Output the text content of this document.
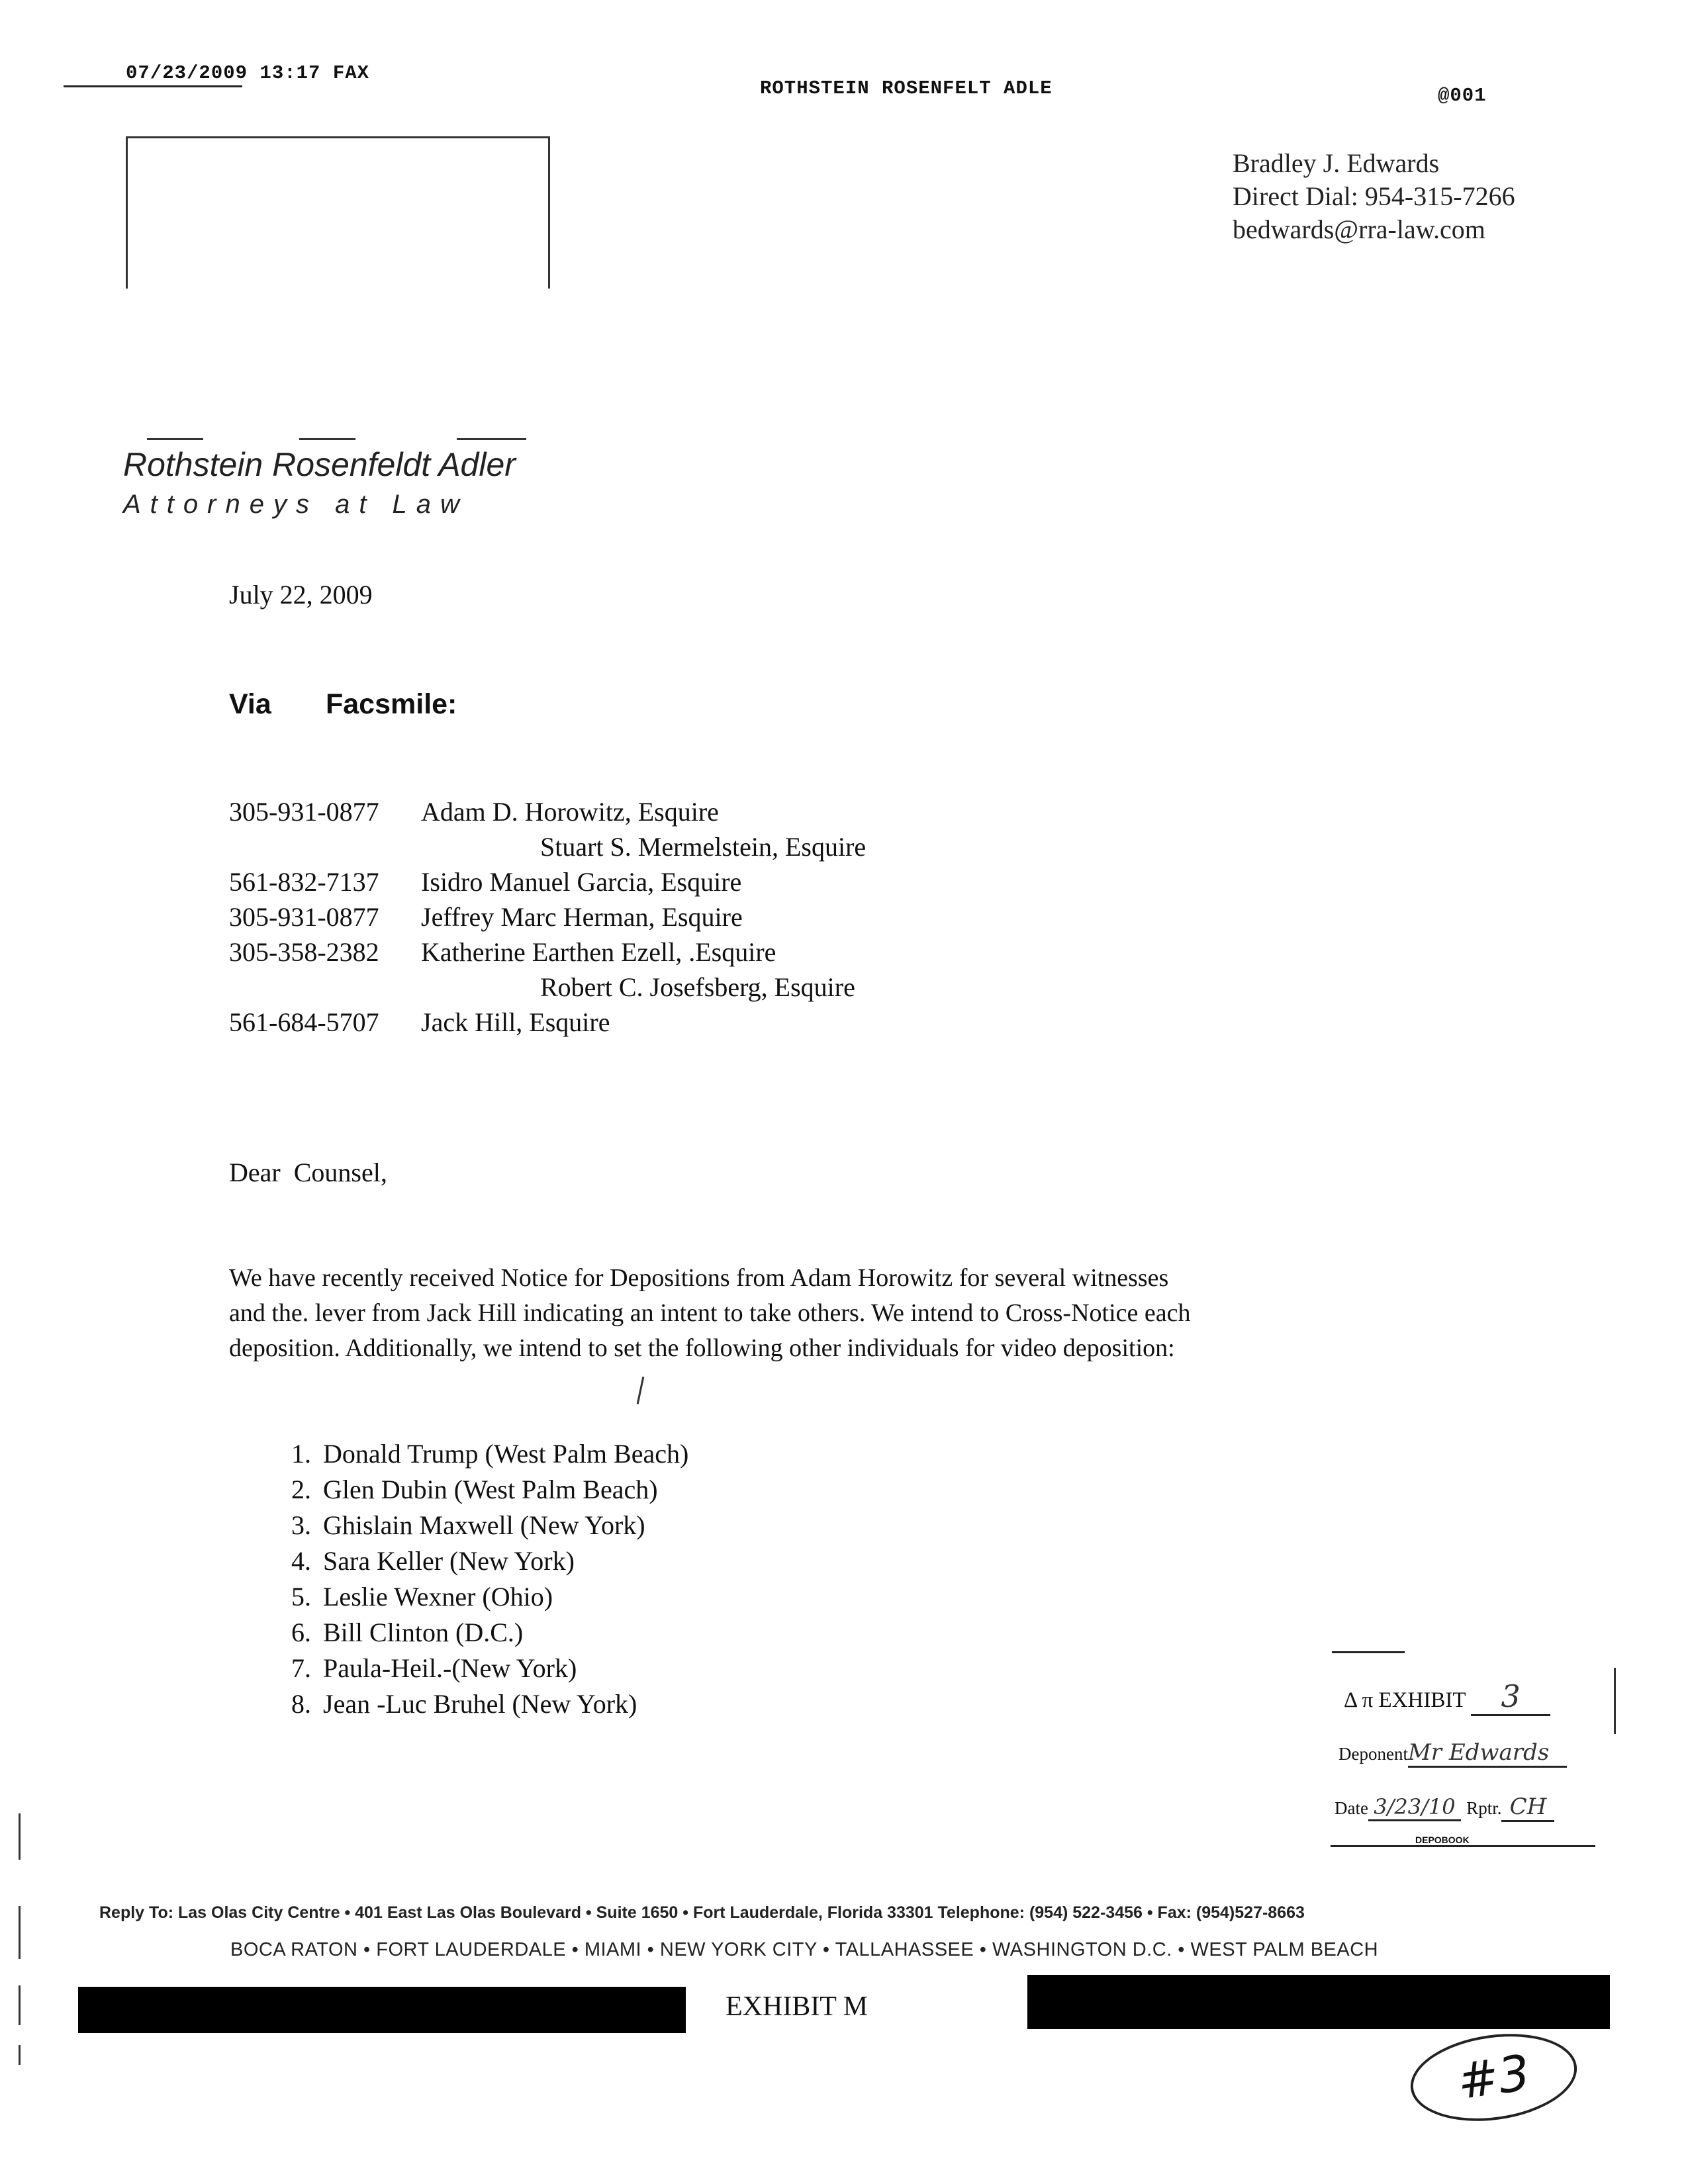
07/23/2009 13:17 FAX
ROTHSTEIN ROSENFELT ADLE	@001
Bradley J. Edwards
Direct Dial: 954-315-7266
bedwards@rra-law.com
Rothstein Rosenfeldt Adler
Attorneys at Law
July 22, 2009
Via Facsmile:
305-931-0877 Adam D. Horowitz, Esquire
Stuart S. Mermelstein, Esquire
561-832-7137 Isidro Manuel Garcia, Esquire
305-931-0877 Jeffrey Marc Herman, Esquire
305-358-2382 Katherine Earthen Ezell, .Esquire
Robert C. Josefsberg, Esquire
561-684-5707 Jack Hill, Esquire
Dear  Counsel,
We have recently received Notice for Depositions from Adam Horowitz for several witnesses
and the. lever from Jack Hill indicating an intent to take others. We intend to Cross-Notice each
deposition. Additionally, we intend to set the following other individuals for video deposition:
1. Donald Trump (West Palm Beach)
2. Glen Dubin (West Palm Beach)
3. Ghislain Maxwell (New York)
4. Sara Keller (New York)
5. Leslie Wexner (Ohio)
6. Bill Clinton (D.C.)
7. Paula-Heil.-(New York)
8. Jean -Luc Bruhel (New York)	Δ π EXHIBIT 3
DeponentMr Edwards
Date 3/23/10 Rptr. CH
DEPOBOOK
Reply To: Las Olas City Centre • 401 East Las Olas Boulevard • Suite 1650 • Fort Lauderdale, Florida 33301 Telephone: (954) 522-3456 • Fax: (954)527-8663
BOCA RATON • FORT LAUDERDALE • MIAMI • NEW YORK CITY • TALLAHASSEE • WASHINGTON D.C. • WEST PALM BEACH
EXHIBIT M
#3
